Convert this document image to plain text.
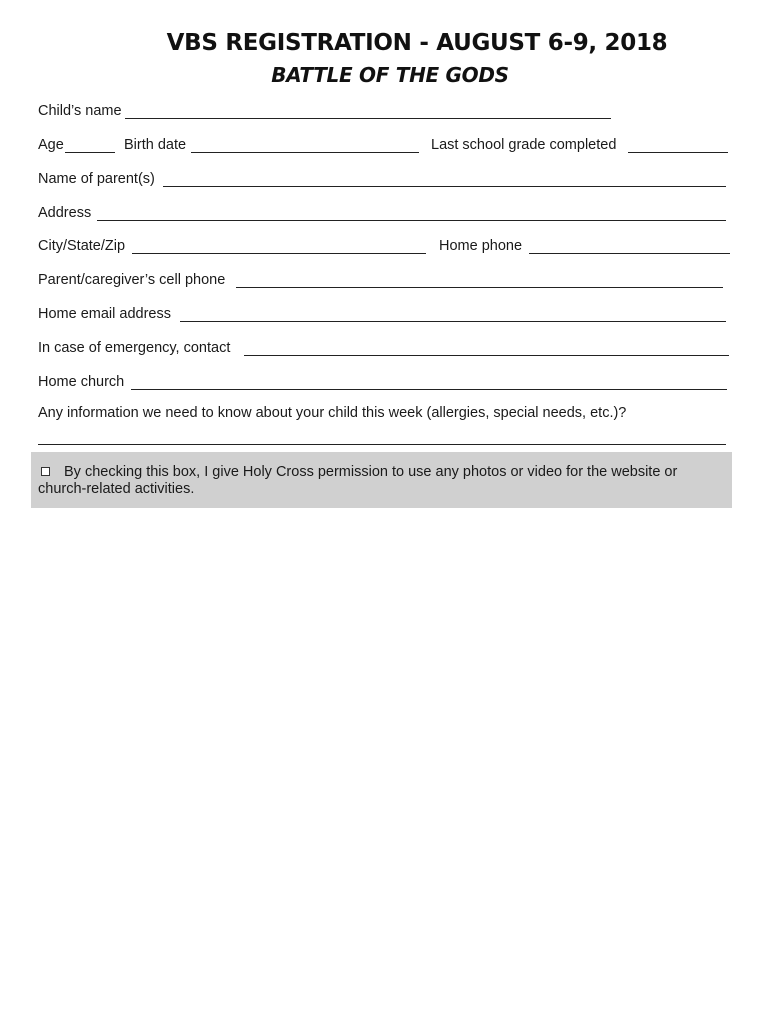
VBS REGISTRATION - AUGUST 6-9, 2018
BATTLE OF THE GODS
Child’s name
Age	Birth date	Last school grade completed
Name of parent(s)
Address
City/State/Zip	Home phone
Parent/caregiver’s cell phone
Home email address
In case of emergency, contact
Home church
Any information we need to know about your child this week (allergies, special needs, etc.)?
By checking this box, I give Holy Cross permission to use any photos or video for the website or church-related activities.
